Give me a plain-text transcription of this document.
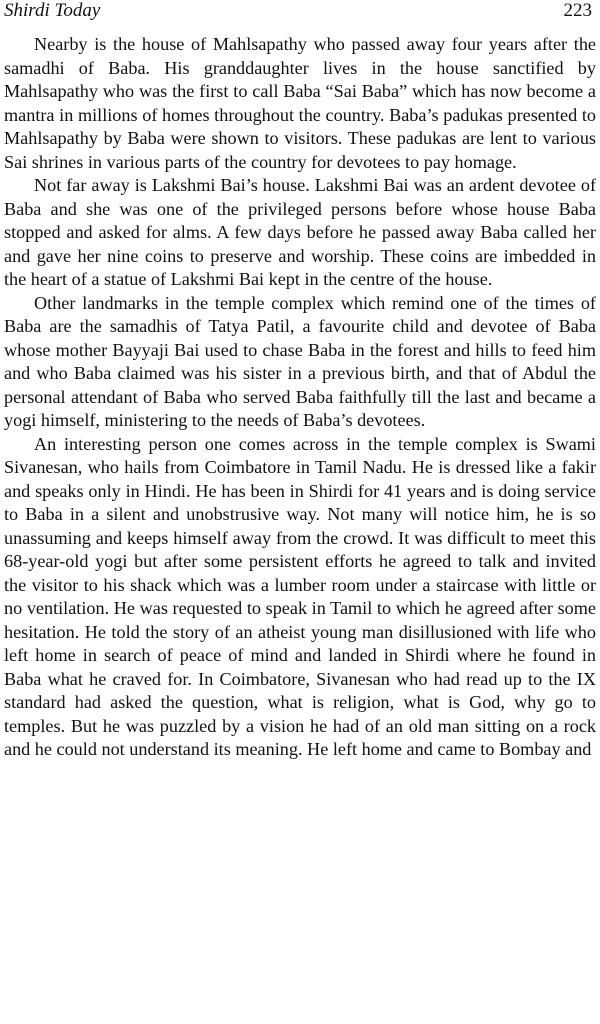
Shirdi Today	223

Nearby is the house of Mahlsapathy who passed away four years after the samadhi of Baba. His granddaughter lives in the house sanctified by Mahlsapathy who was the first to call Baba “Sai Baba” which has now become a mantra in millions of homes throughout the country. Baba’s padukas presented to Mahlsapathy by Baba were shown to visitors. These padukas are lent to various Sai shrines in various parts of the country for devotees to pay homage.

Not far away is Lakshmi Bai’s house. Lakshmi Bai was an ardent devotee of Baba and she was one of the privileged persons before whose house Baba stopped and asked for alms. A few days before he passed away Baba called her and gave her nine coins to preserve and worship. These coins are imbedded in the heart of a statue of Lakshmi Bai kept in the centre of the house.

Other landmarks in the temple complex which remind one of the times of Baba are the samadhis of Tatya Patil, a favourite child and devotee of Baba whose mother Bayyaji Bai used to chase Baba in the forest and hills to feed him and who Baba claimed was his sister in a previous birth, and that of Abdul the personal attendant of Baba who served Baba faithfully till the last and became a yogi himself, ministering to the needs of Baba’s devotees.

An interesting person one comes across in the temple complex is Swami Sivanesan, who hails from Coimbatore in Tamil Nadu. He is dressed like a fakir and speaks only in Hindi. He has been in Shirdi for 41 years and is doing service to Baba in a silent and unobstrusive way. Not many will notice him, he is so unassuming and keeps himself away from the crowd. It was difficult to meet this 68-year-old yogi but after some persistent efforts he agreed to talk and invited the visitor to his shack which was a lumber room under a staircase with little or no ventilation. He was requested to speak in Tamil to which he agreed after some hesitation. He told the story of an atheist young man disillusioned with life who left home in search of peace of mind and landed in Shirdi where he found in Baba what he craved for. In Coimbatore, Sivanesan who had read up to the IX standard had asked the question, what is religion, what is God, why go to temples. But he was puzzled by a vision he had of an old man sitting on a rock and he could not understand its meaning. He left home and came to Bombay and
